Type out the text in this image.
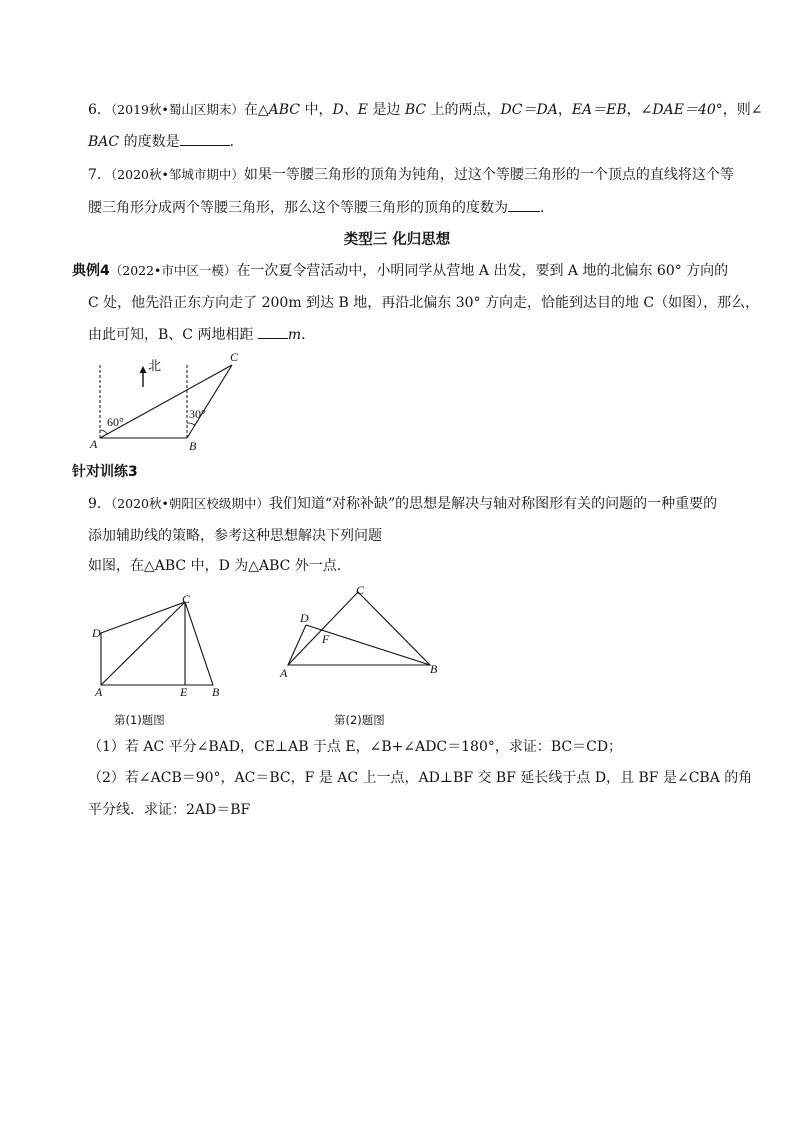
6．（2019秋•蜀山区期末）在△ABC 中，D、E 是边 BC 上的两点，DC＝DA，EA＝EB，∠DAE＝40°，则∠
BAC 的度数是	．
7．（2020秋•邹城市期中）如果一等腰三角形的顶角为钝角，过这个等腰三角形的一个顶点的直线将这个等
腰三角形分成两个等腰三角形，那么这个等腰三角形的顶角的度数为 ．
类型三 化归思想
典例4（2022•市中区一模）在一次夏令营活动中，小明同学从营地 A 出发，要到 A 地的北偏东 60° 方向的
C 处，他先沿正东方向走了 200m 到达 B 地，再沿北偏东 30° 方向走，恰能到达目的地 C（如图），那么，
由此可知，B、C 两地相距 m．
北
60°
30°
A	B
C
针对训练3
9．（2020秋•朝阳区校级期中）我们知道“对称补缺”的思想是解决与轴对称图形有关的问题的一种重要的
添加辅助线的策略，参考这种思想解决下列问题
如图，在△ABC 中，D 为△ABC 外一点．
D
C
A	E B
第(1)题图
D
C
F
A	B
第(2)题图
（1）若 AC 平分∠BAD，CE⊥AB 于点 E，∠B+∠ADC＝180°，求证：BC＝CD；
（2）若∠ACB＝90°，AC＝BC，F 是 AC 上一点，AD⊥BF 交 BF 延长线于点 D，且 BF 是∠CBA 的角
平分线．求证：2AD＝BF
